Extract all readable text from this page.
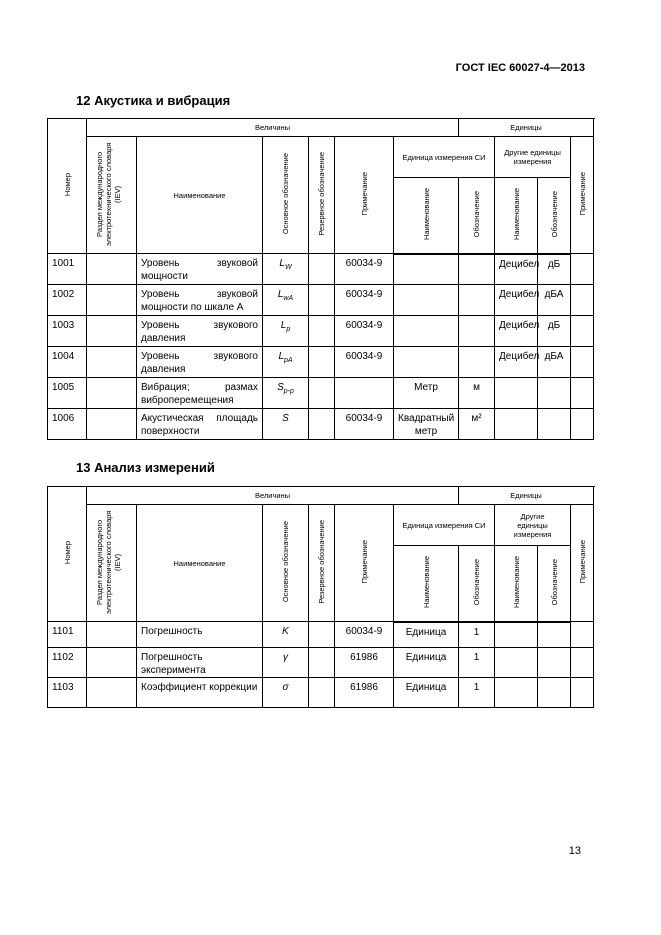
ГОСТ IEC 60027-4—2013
12 Акустика и вибрация
Номер	Величины						Единицы			
	Раздел международного электротехнического словаря (IEV)	Наименование	Основное обозначение	Резервное обозначение	Примечание	Единица измерения СИ		Другие единицы измерения		Примечание
						Наименование	Обозначение	Наименование	Обозначение	
1001		Уровень звуковой мощности	$L_W$		60034-9			Децибел	дБ	
1002		Уровень звуковой мощности по шкале А	$L_{wA}$		60034-9			Децибел	дБА	
1003		Уровень звукового давления	$L_p$		60034-9			Децибел	дБ	
1004		Уровень звукового давления	$L_{pA}$		60034-9			Децибел	дБА	
1005		Вибрация; размах виброперемещения	$S_{p-p}$			Метр	м			
1006		Акустическая площадь поверхности	S		60034-9	Квадратный метр	м²			
13 Анализ измерений
Номер	Величины						Единицы			
	Раздел международного электротехнического словаря (IEV)	Наименование	Основное обозначение	Резервное обозначение	Примечание	Единица измерения СИ		Другие единицы измерения		Примечание
						Наименование	Обозначение	Наименование	Обозначение	
1101		Погрешность	K		60034-9	Единица	1			
1102		Погрешность эксперимента	γ		61986	Единица	1			
1103		Коэффициент коррекции	σ		61986	Единица	1			
13
